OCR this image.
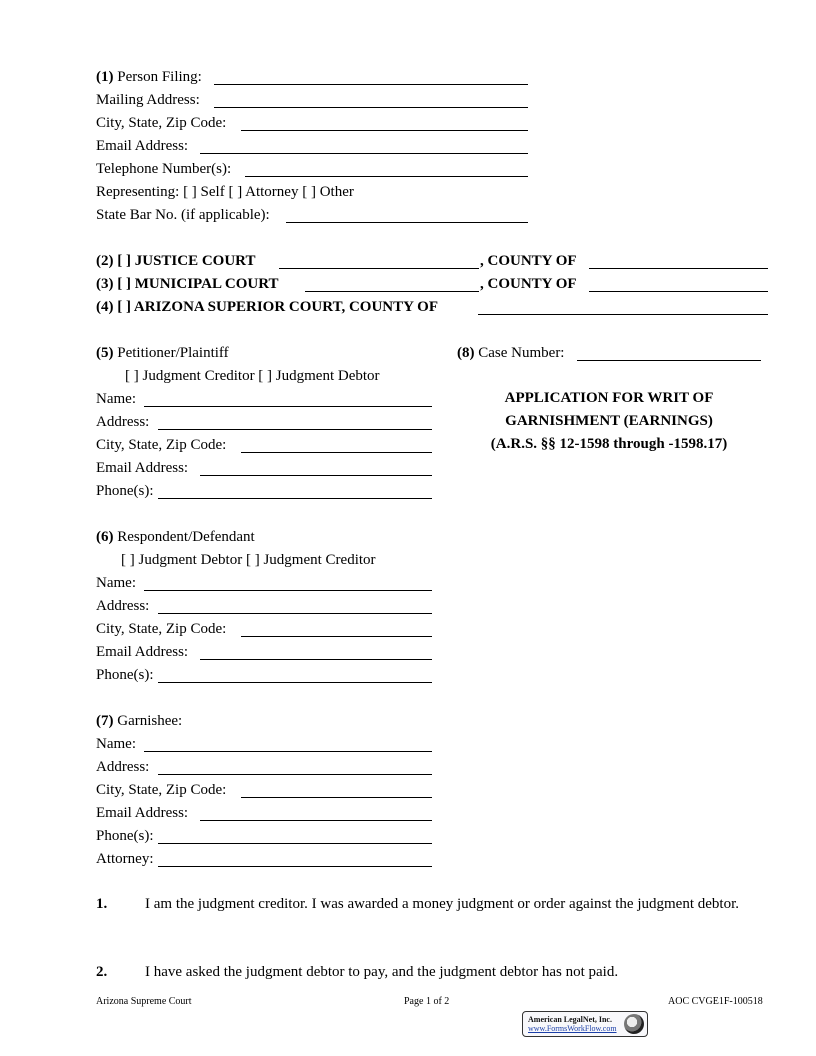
(1) Person Filing:
Mailing Address:
City, State, Zip Code:
Email Address:
Telephone Number(s):
Representing: [ ] Self [ ] Attorney [ ] Other
State Bar No. (if applicable):
(2) [ ] JUSTICE COURT	, COUNTY OF
(3) [ ] MUNICIPAL COURT	, COUNTY OF
(4) [ ] ARIZONA SUPERIOR COURT, COUNTY OF
(5) Petitioner/Plaintiff
[ ] Judgment Creditor [ ] Judgment Debtor
Name:
Address:
City, State, Zip Code:
Email Address:
Phone(s):
(8) Case Number:
APPLICATION FOR WRIT OF
GARNISHMENT (EARNINGS)
(A.R.S. §§ 12-1598 through -1598.17)
(6) Respondent/Defendant
[ ] Judgment Debtor [ ] Judgment Creditor
Name:
Address:
City, State, Zip Code:
Email Address:
Phone(s):
(7) Garnishee:
Name:
Address:
City, State, Zip Code:
Email Address:
Phone(s):
Attorney:
1.	I am the judgment creditor. I was awarded a money judgment or order against the judgment debtor.
2.	I have asked the judgment debtor to pay, and the judgment debtor has not paid.
Arizona Supreme Court	Page 1 of 2	AOC CVGE1F-100518
American LegalNet, Inc.
www.FormsWorkFlow.com
